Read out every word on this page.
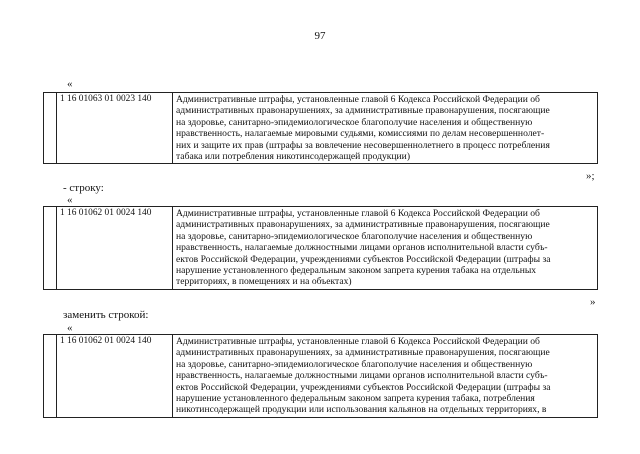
97
«
	1 16 01063 01 0023 140	Административные штрафы, установленные главой 6 Кодекса Российской Федерации об
административных правонарушениях, за административные правонарушения, посягающие
на здоровье, санитарно-эпидемиологическое благополучие населения и общественную
нравственность, налагаемые мировыми судьями, комиссиями по делам несовершеннолет-
них и защите их прав (штрафы за вовлечение несовершеннолетнего в процесс потребления
табака или потребления никотинсодержащей продукции)
»;
- строку:
«
	1 16 01062 01 0024 140	Административные штрафы, установленные главой 6 Кодекса Российской Федерации об
административных правонарушениях, за административные правонарушения, посягающие
на здоровье, санитарно-эпидемиологическое благополучие населения и общественную
нравственность, налагаемые должностными лицами органов исполнительной власти субъ-
ектов Российской Федерации, учреждениями субъектов Российской Федерации (штрафы за
нарушение установленного федеральным законом запрета курения табака на отдельных
территориях, в помещениях и на объектах)
»
заменить строкой:
«
	1 16 01062 01 0024 140	Административные штрафы, установленные главой 6 Кодекса Российской Федерации об
административных правонарушениях, за административные правонарушения, посягающие
на здоровье, санитарно-эпидемиологическое благополучие населения и общественную
нравственность, налагаемые должностными лицами органов исполнительной власти субъ-
ектов Российской Федерации, учреждениями субъектов Российской Федерации (штрафы за
нарушение установленного федеральным законом запрета курения табака, потребления
никотинсодержащей продукции или использования кальянов на отдельных территориях, в
